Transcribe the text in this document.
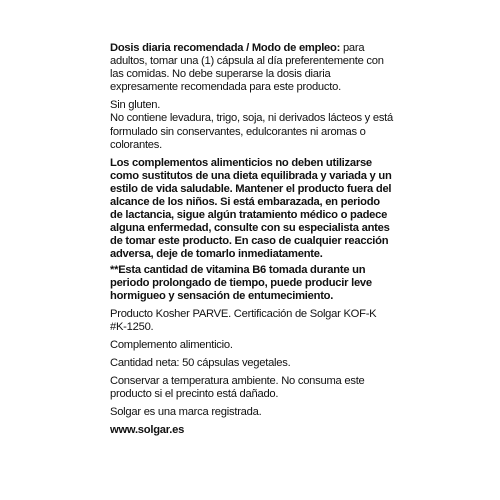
Dosis diaria recomendada / Modo de empleo: para adultos, tomar una (1) cápsula al día preferentemente con las comidas. No debe superarse la dosis diaria expresamente recomendada para este producto.

Sin gluten.

No contiene levadura, trigo, soja, ni derivados lácteos y está formulado sin conservantes, edulcorantes ni aromas o colorantes.

Los complementos alimenticios no deben utilizarse como sustitutos de una dieta equilibrada y variada y un estilo de vida saludable. Mantener el producto fuera del alcance de los niños. Si está embarazada, en periodo de lactancia, sigue algún tratamiento médico o padece alguna enfermedad, consulte con su especialista antes de tomar este producto. En caso de cualquier reacción adversa, deje de tomarlo inmediatamente.

**Esta cantidad de vitamina B6 tomada durante un periodo prolongado de tiempo, puede producir leve hormigueo y sensación de entumecimiento.

Producto Kosher PARVE. Certificación de Solgar KOF-K #K-1250.

Complemento alimenticio.

Cantidad neta: 50 cápsulas vegetales.

Conservar a temperatura ambiente. No consuma este producto si el precinto está dañado.

Solgar es una marca registrada.

www.solgar.es
